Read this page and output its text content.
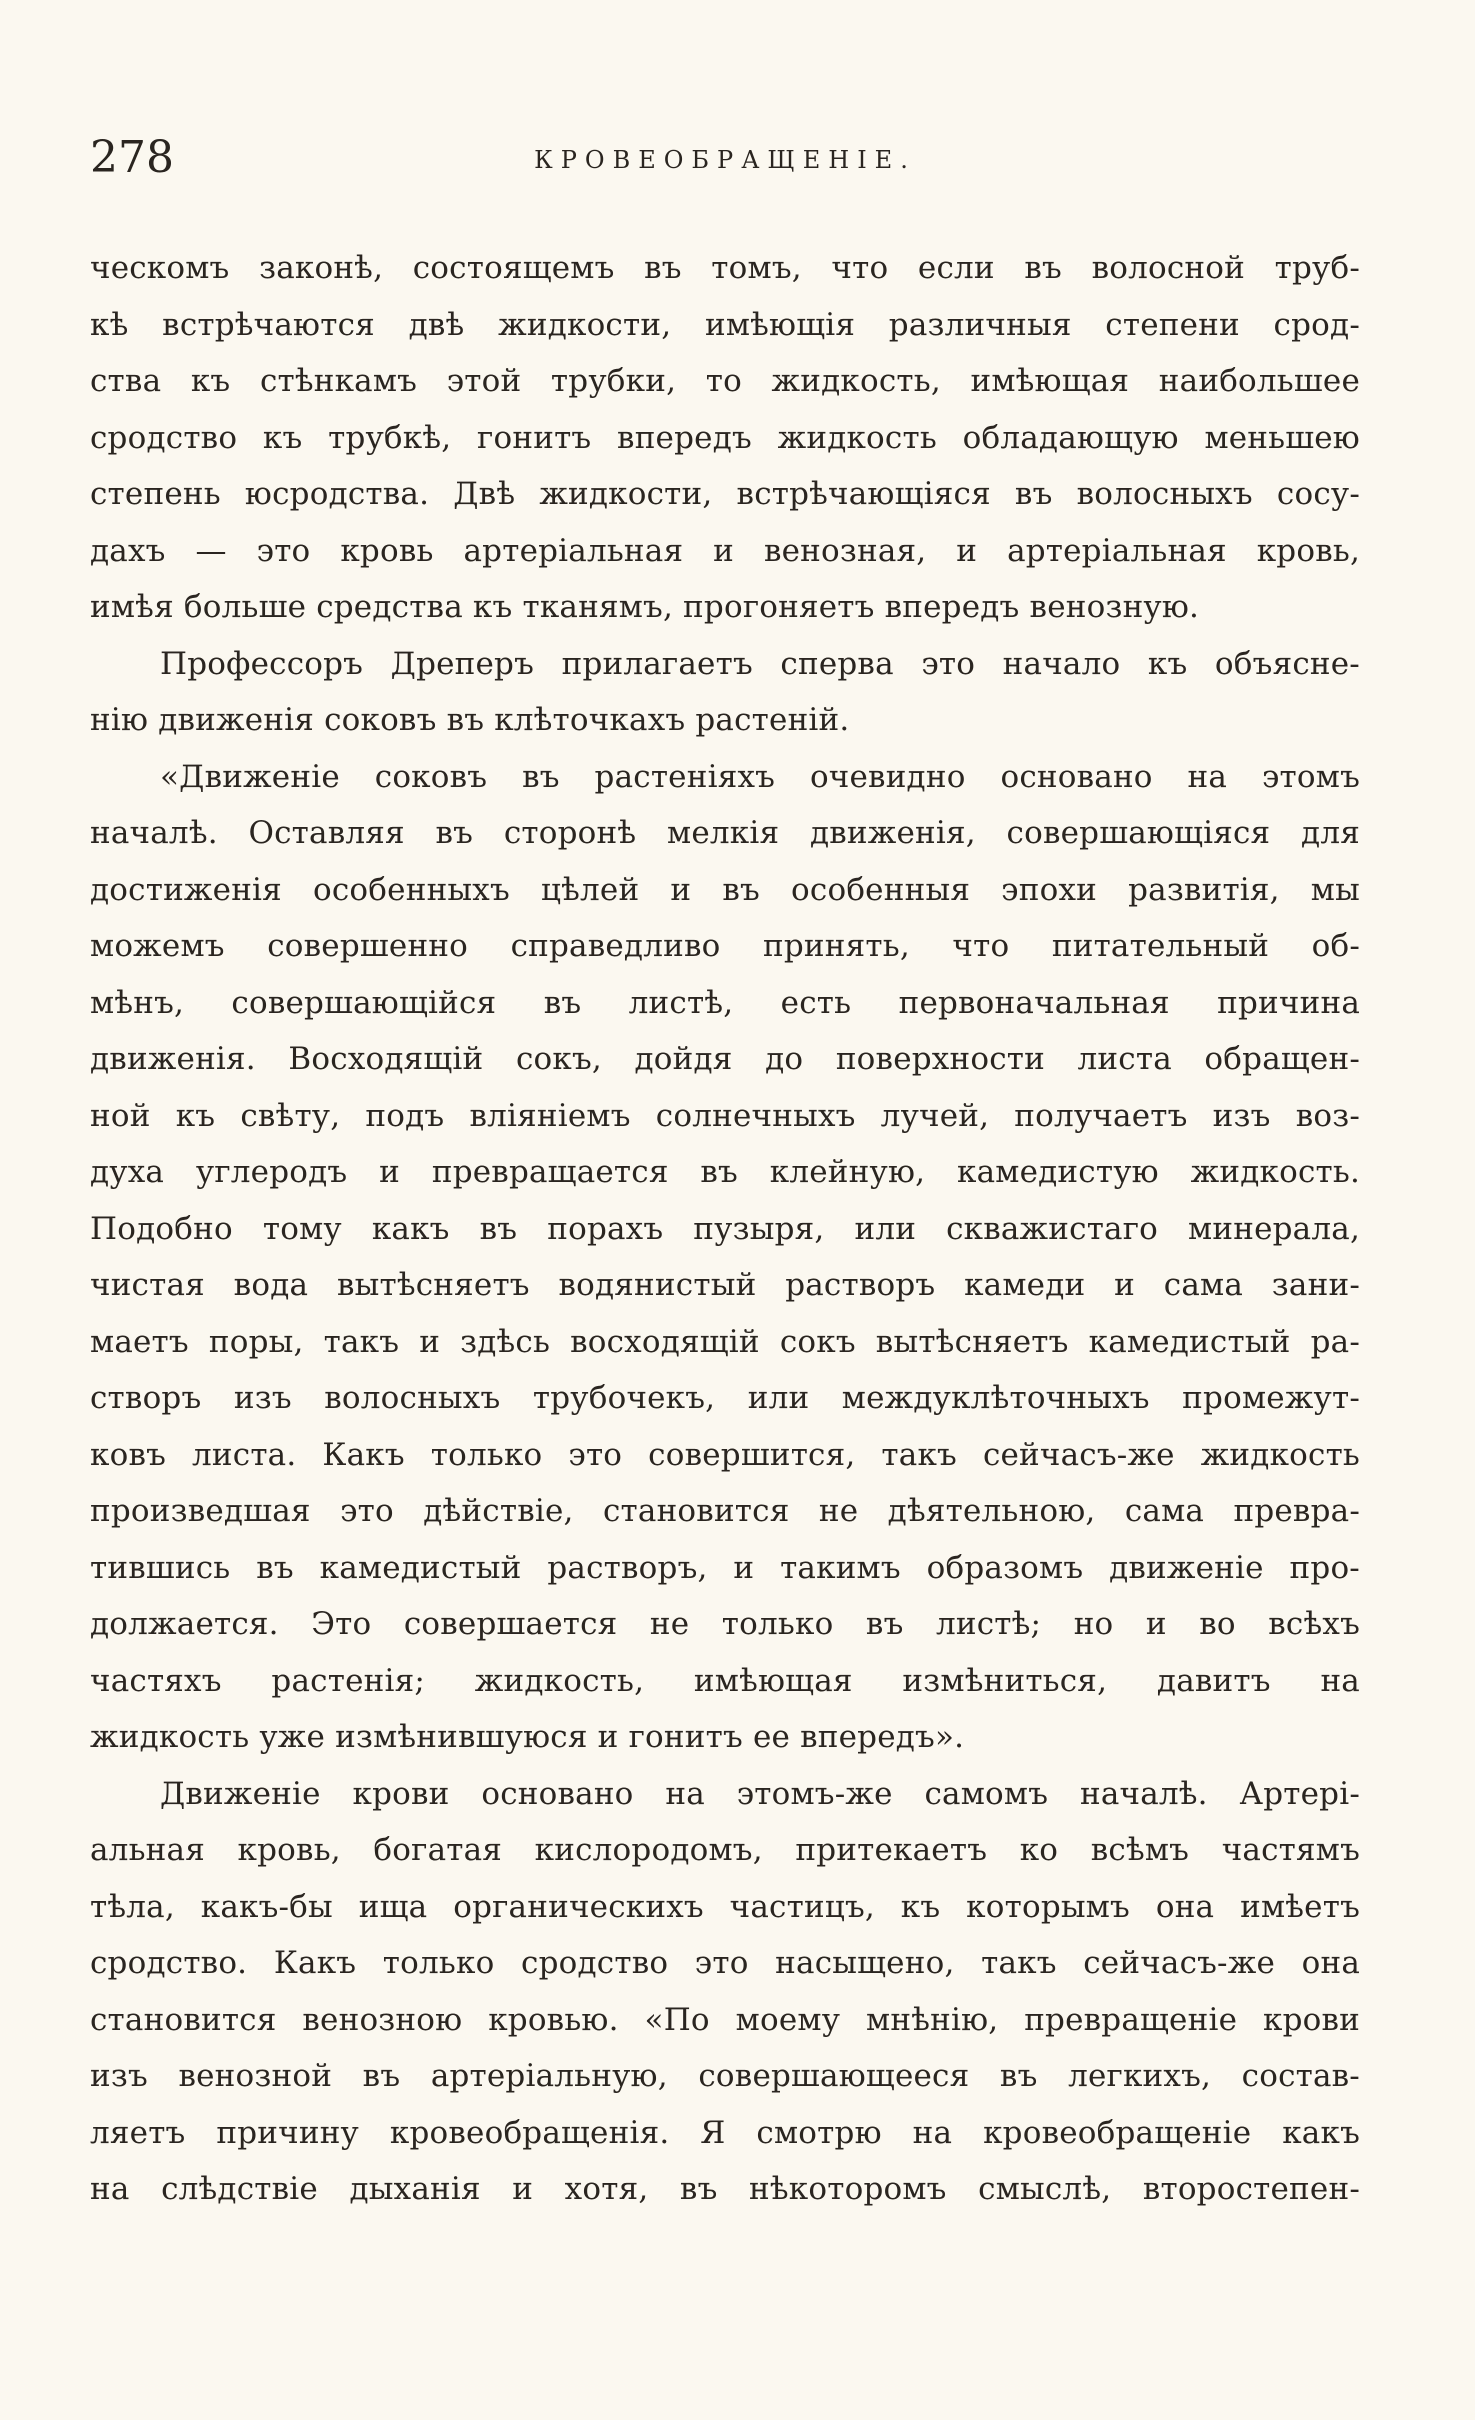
278	КРОВЕОБРАЩЕНІЕ.
ческомъ законѣ, состоящемъ въ томъ, что если въ волосной труб-
кѣ встрѣчаются двѣ жидкости, имѣющія различныя степени срод-
ства къ стѣнкамъ этой трубки, то жидкость, имѣющая наибольшее
сродство къ трубкѣ, гонитъ впередъ жидкость обладающую меньшею
степень юсродства. Двѣ жидкости, встрѣчающіяся въ волосныхъ сосу-
дахъ — это кровь артеріальная и венозная, и артеріальная кровь,
имѣя больше средства къ тканямъ, прогоняетъ впередъ венозную.
Профессоръ Дреперъ прилагаетъ сперва это начало къ объясне-
нію движенія соковъ въ клѣточкахъ растеній.
«Движеніе соковъ въ растеніяхъ очевидно основано на этомъ
началѣ. Оставляя въ сторонѣ мелкія движенія, совершающіяся для
достиженія особенныхъ цѣлей и въ особенныя эпохи развитія, мы
можемъ совершенно справедливо принять, что питательный об-
мѣнъ, совершающійся въ листѣ, есть первоначальная причина
движенія. Восходящій сокъ, дойдя до поверхности листа обращен-
ной къ свѣту, подъ вліяніемъ солнечныхъ лучей, получаетъ изъ воз-
духа углеродъ и превращается въ клейную, камедистую жидкость.
Подобно тому какъ въ порахъ пузыря, или скважистаго минерала,
чистая вода вытѣсняетъ водянистый растворъ камеди и сама зани-
маетъ поры, такъ и здѣсь восходящій сокъ вытѣсняетъ камедистый ра-
створъ изъ волосныхъ трубочекъ, или междуклѣточныхъ промежут-
ковъ листа. Какъ только это совершится, такъ сейчасъ-же жидкость
произведшая это дѣйствіе, становится не дѣятельною, сама превра-
тившись въ камедистый растворъ, и такимъ образомъ движеніе про-
должается. Это совершается не только въ листѣ; но и во всѣхъ
частяхъ растенія; жидкость, имѣющая измѣниться, давитъ на
жидкость уже измѣнившуюся и гонитъ ее впередъ».
Движеніе крови основано на этомъ-же самомъ началѣ. Артері-
альная кровь, богатая кислородомъ, притекаетъ ко всѣмъ частямъ
тѣла, какъ-бы ища органическихъ частицъ, къ которымъ она имѣетъ
сродство. Какъ только сродство это насыщено, такъ сейчасъ-же она
становится венозною кровью. «По моему мнѣнію, превращеніе крови
изъ венозной въ артеріальную, совершающееся въ легкихъ, состав-
ляетъ причину кровеобращенія. Я смотрю на кровеобращеніе какъ
на слѣдствіе дыханія и хотя, въ нѣкоторомъ смыслѣ, второстепен-
